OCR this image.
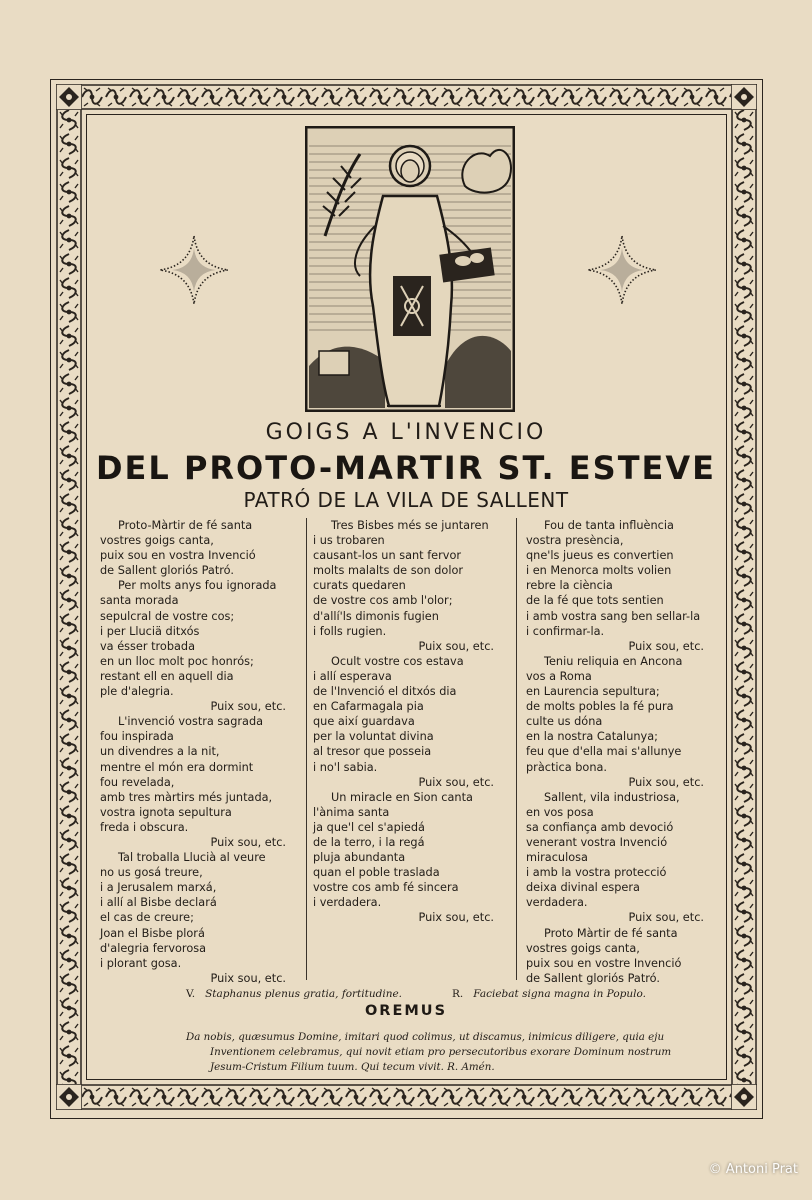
GOIGS A L'INVENCIO
DEL PROTO-MARTIR ST. ESTEVE
PATRÓ DE LA VILA DE SALLENT
Proto-Màrtir de fé santa
vostres goigs canta,
puix sou en vostra Invenció
de Sallent gloriós Patró.
Per molts anys fou ignorada
santa morada
sepulcral de vostre cos;
i per Lluciä ditxós
va ésser trobada
en un lloc molt poc honrós;
restant ell en aquell dia
ple d'alegria.
Puix sou, etc.
L'invenció vostra sagrada
fou inspirada
un divendres a la nit,
mentre el món era dormint
fou revelada,
amb tres màrtirs més juntada,
vostra ignota sepultura
freda i obscura.
Puix sou, etc.
Tal troballa Llucià al veure
no us gosá treure,
i a Jerusalem marxá,
i allí al Bisbe declará
el cas de creure;
Joan el Bisbe plorá
d'alegria fervorosa
i plorant gosa.
Puix sou, etc.
Tres Bisbes més se juntaren
i us trobaren
causant-los un sant fervor
molts malalts de son dolor
curats quedaren
de vostre cos amb l'olor;
d'allí'ls dimonis fugien
i folls rugien.
Puix sou, etc.
Ocult vostre cos estava
i allí esperava
de l'Invenció el ditxós dia
en Cafarmagala pia
que així guardava
per la voluntat divina
al tresor que posseia
i no'l sabia.
Puix sou, etc.
Un miracle en Sion canta
l'ànima santa
ja que'l cel s'apiedá
de la terro, i la regá
pluja abundanta
quan el poble traslada
vostre cos amb fé sincera
i verdadera.
Puix sou, etc.
Fou de tanta influència
vostra presència,
qne'ls jueus es convertien
i en Menorca molts volien
rebre la ciència
de la fé que tots sentien
i amb vostra sang ben sellar-la
i confirmar-la.
Puix sou, etc.
Teniu reliquia en Ancona
vos a Roma
en Laurencia sepultura;
de molts pobles la fé pura
culte us dóna
en la nostra Catalunya;
feu que d'ella mai s'allunye
pràctica bona.
Puix sou, etc.
Sallent, vila industriosa,
en vos posa
sa confiança amb devoció
venerant vostra Invenció
miraculosa
i amb la vostra protecció
deixa divinal espera
verdadera.
Puix sou, etc.
Proto Màrtir de fé santa
vostres goigs canta,
puix sou en vostre Invenció
de Sallent gloriós Patró.
V. Staphanus plenus gratia, fortitudine.	R. Faciebat signa magna in Populo.
OREMUS
Da nobis, quæsumus Domine, imitari quod colimus, ut discamus, inimicus diligere, quia eju
Inventionem celebramus, qui novit etiam pro persecutoribus exorare Dominum nostrum
Jesum-Cristum Filium tuum. Qui tecum vivit. R. Amén.
© Antoni Prat
